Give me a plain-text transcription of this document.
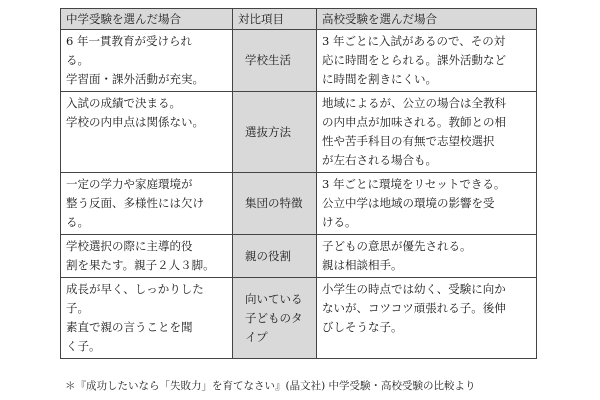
中学受験を選んだ場合	対比項目	高校受験を選んだ場合

6 年一貫教育が受けられ
る。
学習面・課外活動が充実。	学校生活	3 年ごとに入試があるので、その対
応に時間をとられる。課外活動など
に時間を割きにくい。

入試の成績で決まる。
学校の内申点は関係ない。	選抜方法	地域によるが、公立の場合は全教科
の内申点が加味される。教師との相
性や苦手科目の有無で志望校選択
が左右される場合も。

一定の学力や家庭環境が
整う反面、多様性には欠け
る。	集団の特徴	3 年ごとに環境をリセットできる。
公立中学は地域の環境の影響を受
ける。

学校選択の際に主導的役
割を果たす。親子２人３脚。	親の役割	子どもの意思が優先される。
親は相談相手。

成長が早く、しっかりした
子。
素直で親の言うことを聞
く子。	向いている
子どものタ
イプ	小学生の時点では幼く、受験に向か
ないが、コツコツ頑張れる子。後伸
びしそうな子。
＊『成功したいなら「失敗力」を育てなさい』(晶文社) 中学受験・高校受験の比較より
